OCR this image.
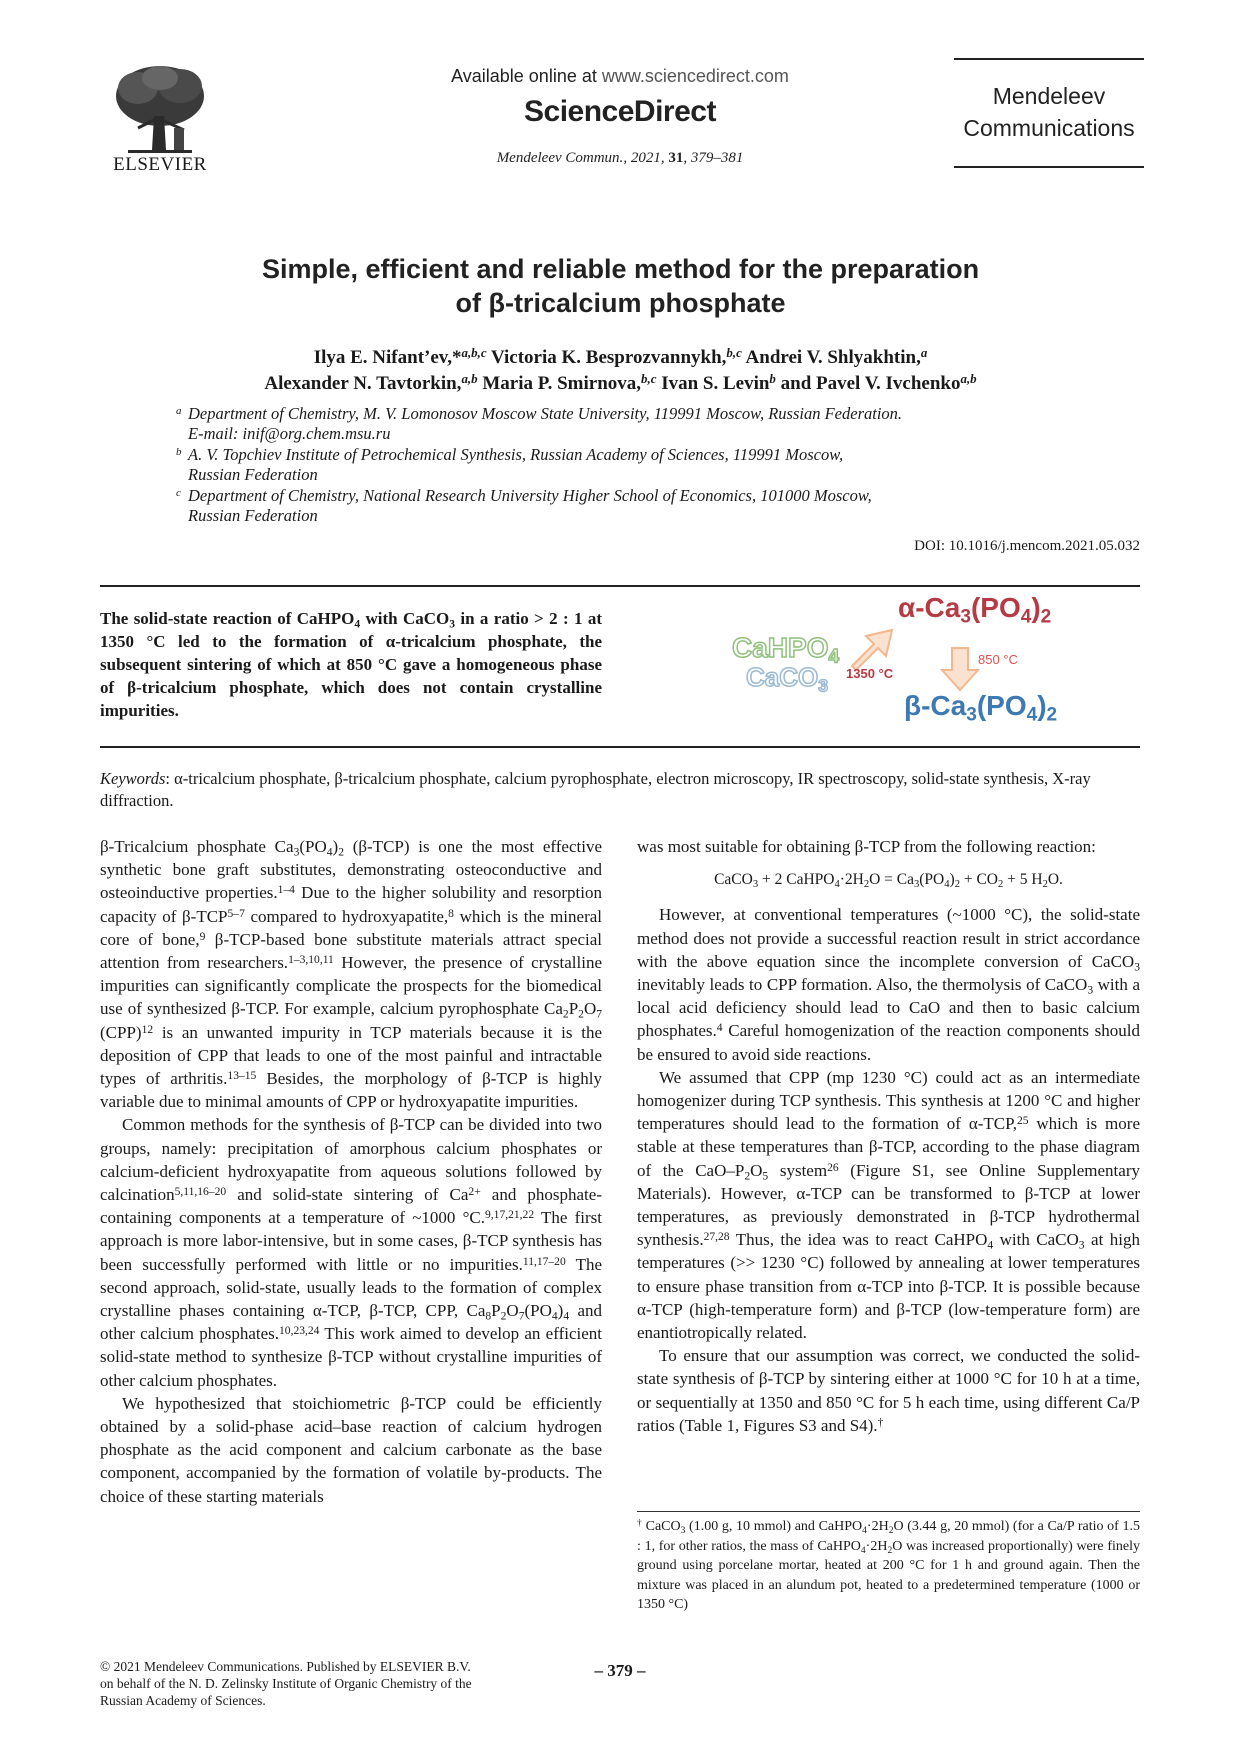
ELSEVIER
Available online at www.sciencedirect.com
ScienceDirect
Mendeleev Commun., 2021, 31, 379–381
Mendeleev
Communications
Simple, efficient and reliable method for the preparation
of β-tricalcium phosphate
Ilya E. Nifant’ev,*$^{a,b,c}$ Victoria K. Besprozvannykh,$^{b,c}$ Andrei V. Shlyakhtin,$^a$
Alexander N. Tavtorkin,$^{a,b}$ Maria P. Smirnova,$^{b,c}$ Ivan S. Levin$^b$ and Pavel V. Ivchenko$^{a,b}$
a Department of Chemistry, M. V. Lomonosov Moscow State University, 119991 Moscow, Russian Federation.
E-mail: inif@org.chem.msu.ru
b A. V. Topchiev Institute of Petrochemical Synthesis, Russian Academy of Sciences, 119991 Moscow,
Russian Federation
c Department of Chemistry, National Research University Higher School of Economics, 101000 Moscow,
Russian Federation
DOI: 10.1016/j.mencom.2021.05.032
The solid-state reaction of CaHPO$_4$ with CaCO$_3$ in a ratio > 2 : 1 at 1350 °C led to the formation of α-tricalcium phosphate, the subsequent sintering of which at 850 °C gave a homogeneous phase of β-tricalcium phosphate, which does not contain crystalline impurities.
$\alpha-Ca_3(PO_4)_2$
CaHPO$_4$
CaCO$_3$
1350 °C
850 °C
$\beta-Ca_3(PO_4)_2$
Keywords: α-tricalcium phosphate, β-tricalcium phosphate, calcium pyrophosphate, electron microscopy, IR spectroscopy, solid-state synthesis, X-ray diffraction.

β-Tricalcium phosphate $Ca_3(PO_4)_2$ (β-TCP) is one the most effective synthetic bone graft substitutes, demonstrating osteoconductive and osteoinductive properties.$^{1-4}$ Due to the higher solubility and resorption capacity of β-TCP$^{5-7}$ compared to hydroxyapatite,$^8$ which is the mineral core of bone,$^9$ β-TCP-based bone substitute materials attract special attention from researchers.$^{1-3,10,11}$ However, the presence of crystalline impurities can significantly complicate the prospects for the biomedical use of synthesized β-TCP. For example, calcium pyrophosphate $Ca_2P_2O_7$ (CPP)$^{12}$ is an unwanted impurity in TCP materials because it is the deposition of CPP that leads to one of the most painful and intractable types of arthritis.$^{13-15}$ Besides, the morphology of β-TCP is highly variable due to minimal amounts of CPP or hydroxyapatite impurities.

Common methods for the synthesis of β-TCP can be divided into two groups, namely: precipitation of amorphous calcium phosphates or calcium-deficient hydroxyapatite from aqueous solutions followed by calcination$^{5,11,16-20}$ and solid-state sintering of $Ca^{2+}$ and phosphate-containing components at a temperature of ~1000 °C.$^{9,17,21,22}$ The first approach is more labor-intensive, but in some cases, β-TCP synthesis has been successfully performed with little or no impurities.$^{11,17-20}$ The second approach, solid-state, usually leads to the formation of complex crystalline phases containing α-TCP, β-TCP, CPP, $Ca_8P_2O_7(PO_4)_4$ and other calcium phosphates.$^{10,23,24}$ This work aimed to develop an efficient solid-state method to synthesize β-TCP without crystalline impurities of other calcium phosphates.

We hypothesized that stoichiometric β-TCP could be efficiently obtained by a solid-phase acid–base reaction of calcium hydrogen phosphate as the acid component and calcium carbonate as the base component, accompanied by the formation of volatile by-products. The choice of these starting materials

was most suitable for obtaining β-TCP from the following reaction:

CaCO$_3$ + 2 $CaHPO_4\cdot 2H_2O = Ca_3(PO_4)_2 + CO_2 + 5$ $H_2O$.

However, at conventional temperatures (~1000 °C), the solid-state method does not provide a successful reaction result in strict accordance with the above equation since the incomplete conversion of CaCO$_3$ inevitably leads to CPP formation. Also, the thermolysis of CaCO$_3$ with a local acid deficiency should lead to CaO and then to basic calcium phosphates.$^4$ Careful homogenization of the reaction components should be ensured to avoid side reactions.

We assumed that CPP (mp 1230 °C) could act as an intermediate homogenizer during TCP synthesis. This synthesis at 1200 °C and higher temperatures should lead to the formation of α-TCP,$^{25}$ which is more stable at these temperatures than β-TCP, according to the phase diagram of the CaO–$P_2O_5$ system$^{26}$ (Figure S1, see Online Supplementary Materials). However, α-TCP can be transformed to β-TCP at lower temperatures, as previously demonstrated in β-TCP hydrothermal synthesis.$^{27,28}$ Thus, the idea was to react CaHPO$_4$ with CaCO$_3$ at high temperatures (>> 1230 °C) followed by annealing at lower temperatures to ensure phase transition from α-TCP into β-TCP. It is possible because α-TCP (high-temperature form) and β-TCP (low-temperature form) are enantiotropically related.

To ensure that our assumption was correct, we conducted the solid-state synthesis of β-TCP by sintering either at 1000 °C for 10 h at a time, or sequentially at 1350 and 850 °C for 5 h each time, using different Ca/P ratios (Table 1, Figures S3 and S4).†

† CaCO$_3$ (1.00 g, 10 mmol) and $CaHPO_4\cdot 2H_2O$ (3.44 g, 20 mmol) (for a Ca/P ratio of 1.5 : 1, for other ratios, the mass of $CaHPO_4\cdot 2H_2O$ was increased proportionally) were finely ground using porcelane mortar, heated at 200 °C for 1 h and ground again. Then the mixture was placed in an alundum pot, heated to a predetermined temperature (1000 or 1350 °C)
© 2021 Mendeleev Communications. Published by ELSEVIER B.V.
on behalf of the N. D. Zelinsky Institute of Organic Chemistry of the
Russian Academy of Sciences.
– 379 –
